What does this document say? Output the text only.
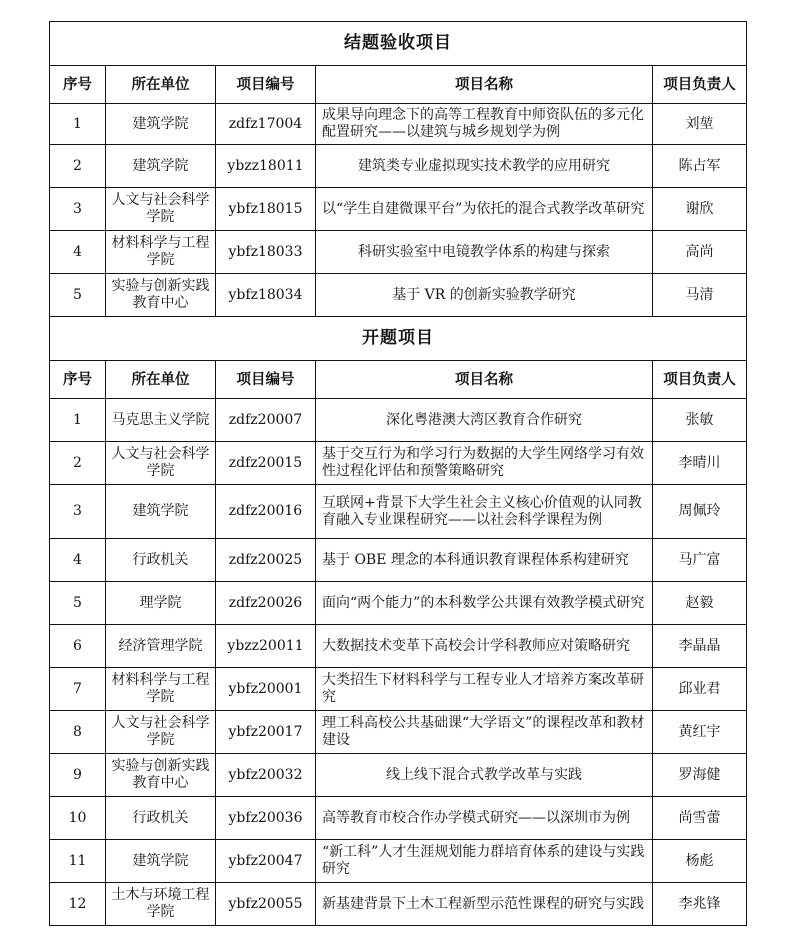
结题验收项目				
序号	所在单位	项目编号	项目名称	项目负责人
1	建筑学院	zdfz17004	成果导向理念下的高等工程教育中师资队伍的多元化配置研究——以建筑与城乡规划学为例	刘堃
2	建筑学院	ybzz18011	建筑类专业虚拟现实技术教学的应用研究	陈占军
3	人文与社会科学学院	ybfz18015	以“学生自建微课平台”为依托的混合式教学改革研究	谢欣
4	材料科学与工程学院	ybfz18033	科研实验室中电镜教学体系的构建与探索	高尚
5	实验与创新实践教育中心	ybfz18034	基于 VR 的创新实验教学研究	马清
开题项目				
序号	所在单位	项目编号	项目名称	项目负责人
1	马克思主义学院	zdfz20007	深化粤港澳大湾区教育合作研究	张敏
2	人文与社会科学学院	zdfz20015	基于交互行为和学习行为数据的大学生网络学习有效性过程化评估和预警策略研究	李晴川
3	建筑学院	zdfz20016	互联网+背景下大学生社会主义核心价值观的认同教育融入专业课程研究——以社会科学课程为例	周佩玲
4	行政机关	zdfz20025	基于 OBE 理念的本科通识教育课程体系构建研究	马广富
5	理学院	zdfz20026	面向“两个能力”的本科数学公共课有效教学模式研究	赵毅
6	经济管理学院	ybzz20011	大数据技术变革下高校会计学科教师应对策略研究	李晶晶
7	材料科学与工程学院	ybfz20001	大类招生下材料科学与工程专业人才培养方案改革研究	邱业君
8	人文与社会科学学院	ybfz20017	理工科高校公共基础课“大学语文”的课程改革和教材建设	黄红宇
9	实验与创新实践教育中心	ybfz20032	线上线下混合式教学改革与实践	罗海健
10	行政机关	ybfz20036	高等教育市校合作办学模式研究——以深圳市为例	尚雪蕾
11	建筑学院	ybfz20047	“新工科”人才生涯规划能力群培育体系的建设与实践研究	杨彪
12	土木与环境工程学院	ybfz20055	新基建背景下土木工程新型示范性课程的研究与实践	李兆锋
